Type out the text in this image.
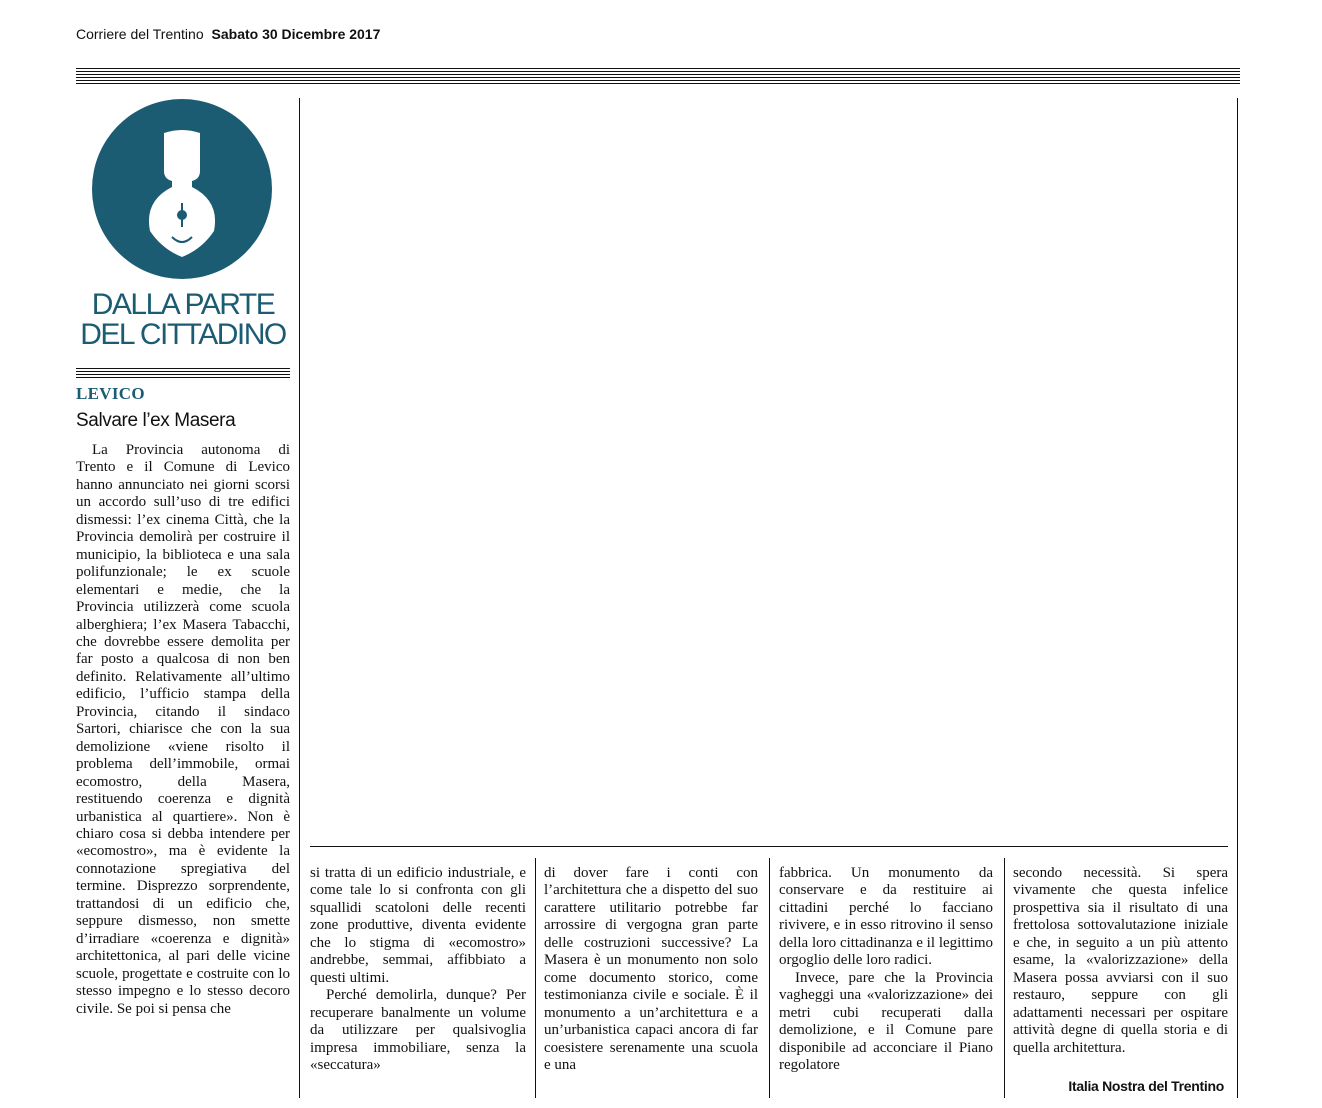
Corriere del Trentino Sabato 30 Dicembre 2017
DALLA PARTE
DEL CITTADINO
LEVICO
Salvare l’ex Masera

La Provincia autonoma di Trento e il Comune di Levico hanno annunciato nei giorni scorsi un accordo sull’uso di tre edifici dismessi: l’ex cinema Città, che la Provincia demolirà per costruire il municipio, la biblioteca e una sala polifunzionale; le ex scuole elementari e medie, che la Provincia utilizzerà come scuola alberghiera; l’ex Masera Tabacchi, che dovrebbe essere demolita per far posto a qualcosa di non ben definito. Relativamente all’ultimo edificio, l’ufficio stampa della Provincia, citando il sindaco Sartori, chiarisce che con la sua demolizione «viene risolto il problema dell’immobile, ormai ecomostro, della Masera, restituendo coerenza e dignità urbanistica al quartiere». Non è chiaro cosa si debba intendere per «ecomostro», ma è evidente la connotazione spregiativa del termine. Disprezzo sorprendente, trattandosi di un edificio che, seppure dismesso, non smette d’irradiare «coerenza e dignità» architettonica, al pari delle vicine scuole, progettate e costruite con lo stesso impegno e lo stesso decoro civile. Se poi si pensa che

si tratta di un edificio industriale, e come tale lo si confronta con gli squallidi scatoloni delle recenti zone produttive, diventa evidente che lo stigma di «ecomostro» andrebbe, semmai, affibbiato a questi ultimi.

Perché demolirla, dunque? Per recuperare banalmente un volume da utilizzare per qualsivoglia impresa immobiliare, senza la «seccatura»

di dover fare i conti con l’architettura che a dispetto del suo carattere utilitario potrebbe far arrossire di vergogna gran parte delle costruzioni successive? La Masera è un monumento non solo come documento storico, come testimonianza civile e sociale. È il monumento a un’architettura e a un’urbanistica capaci ancora di far coesistere serenamente una scuola e una

fabbrica. Un monumento da conservare e da restituire ai cittadini perché lo facciano rivivere, e in esso ritrovino il senso della loro cittadinanza e il legittimo orgoglio delle loro radici.

Invece, pare che la Provincia vagheggi una «valorizzazione» dei metri cubi recuperati dalla demolizione, e il Comune pare disponibile ad acconciare il Piano regolatore

secondo necessità. Si spera vivamente che questa infelice prospettiva sia il risultato di una frettolosa sottovalutazione iniziale e che, in seguito a un più attento esame, la «valorizzazione» della Masera possa avviarsi con il suo restauro, seppure con gli adattamenti necessari per ospitare attività degne di quella storia e di quella architettura.

Italia Nostra del Trentino
